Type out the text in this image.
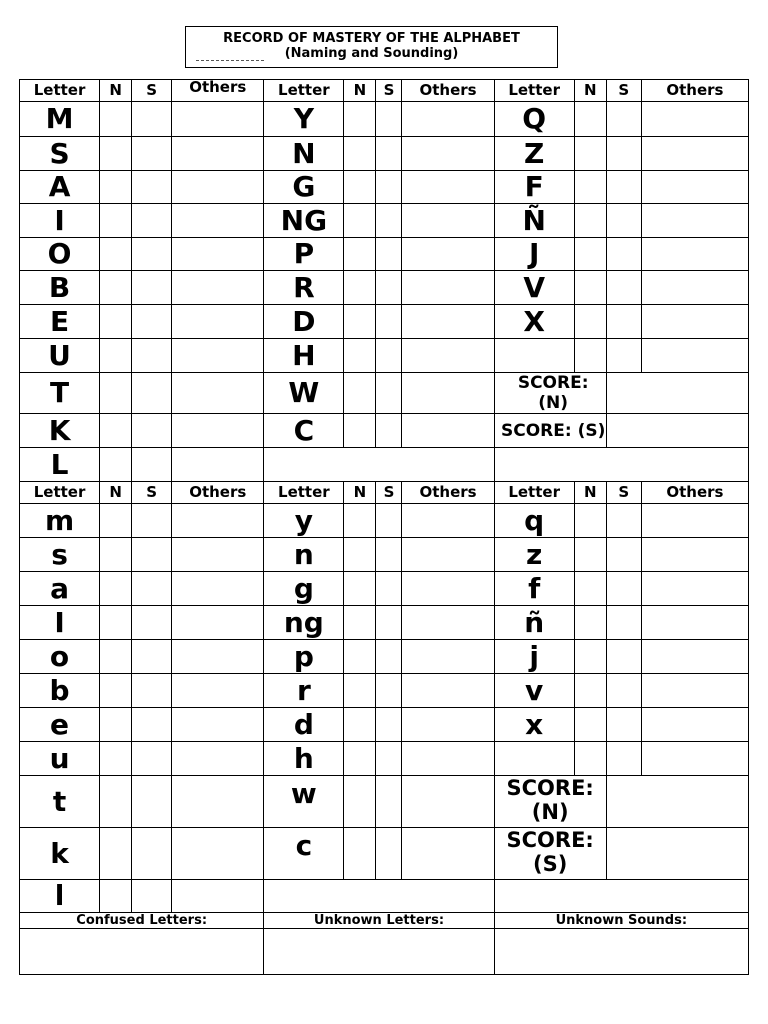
RECORD OF MASTERY OF THE ALPHABET
(Naming and Sounding)
Letter	N	S	Others	Letter	N	S	Others	Letter	N	S	Others
M				Y				Q			
S				N				Z			
A				G				F			
I				NG				Ñ			
O				P				J			
B				R				V			
E				D				X			
U				H							
T				W				SCORE: (N)			
K				C				SCORE: (S)			
L											
Letter	N	S	Others	Letter	N	S	Others	Letter	N	S	Others
m				y				q			
s				n				z			
a				g				f			
I				ng				ñ			
o				p				j			
b				r				v			
e				d				x			
u				h							
t				w				SCORE:
(N)			

k				c				SCORE:
(S)			

l											
Confused Letters:				Unknown Letters:				Unknown Sounds:			
